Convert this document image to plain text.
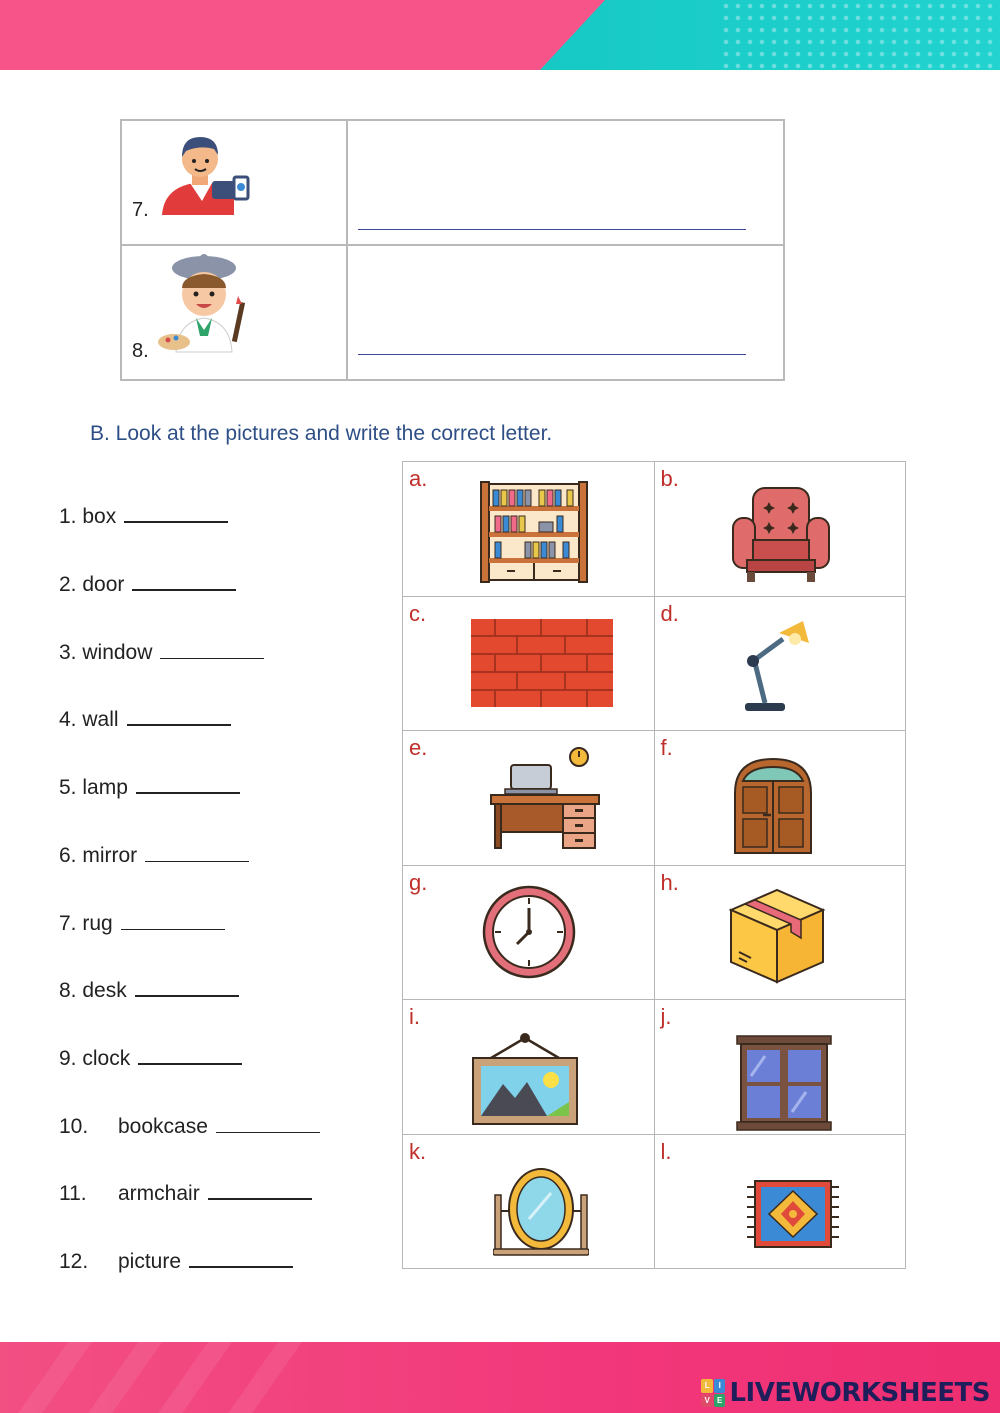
7.	

8.	

B. Look at the pictures and write the correct letter.
1.
box
2.
door
3.
window
4.
wall
5.
lamp
6.
mirror
7.
rug
8.
desk
9.
clock
10.	bookcase
11.	armchair
12.	picture
a.	b.

c.	d.

e.	f.

g.	h.

i.	j.

k.	l.
L	I
V E LIVEWORKSHEETS
